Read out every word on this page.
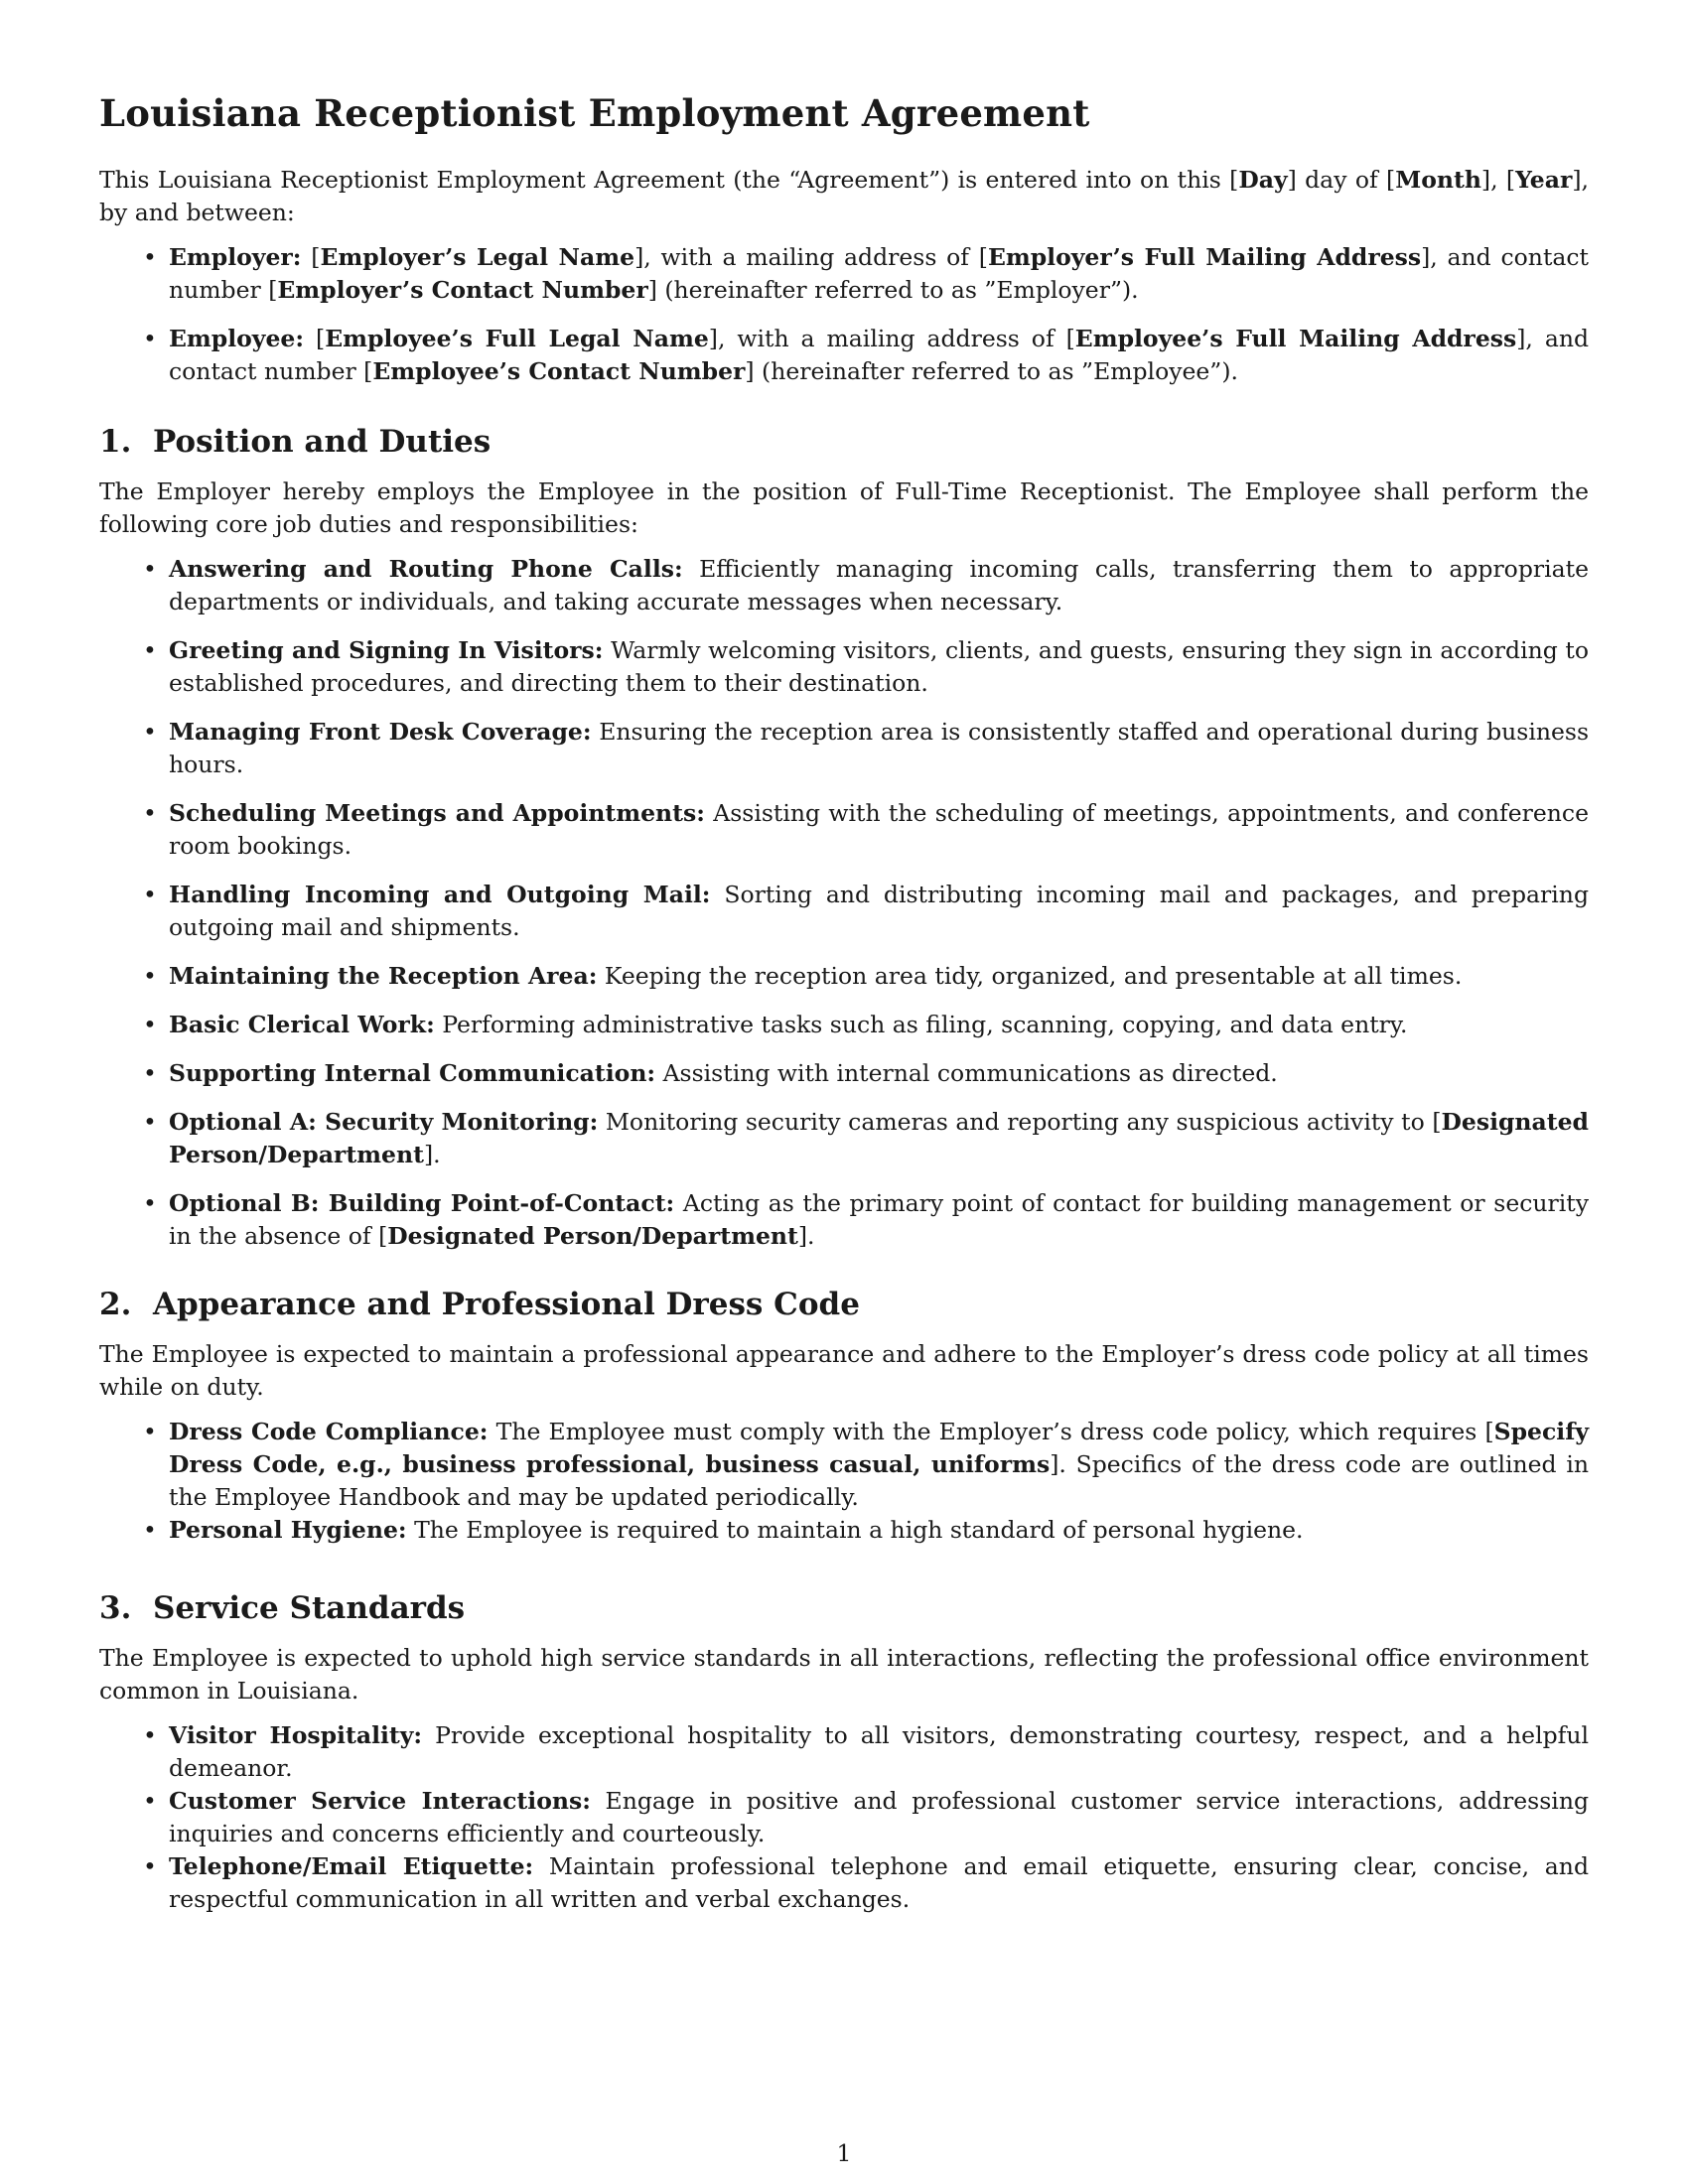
Louisiana Receptionist Employment Agreement

This Louisiana Receptionist Employment Agreement (the “Agreement”) is entered into on this [Day] day of [Month], [Year], by and between:

• Employer: [Employer’s Legal Name], with a mailing address of [Employer’s Full Mailing Address], and contact number [Employer’s Contact Number] (hereinafter referred to as ”Employer”).
• Employee: [Employee’s Full Legal Name], with a mailing address of [Employee’s Full Mailing Address], and contact number [Employee’s Contact Number] (hereinafter referred to as ”Employee”).
1.  Position and Duties

The Employer hereby employs the Employee in the position of Full-Time Receptionist. The Employee shall perform the following core job duties and responsibilities:

• Answering and Routing Phone Calls: Efficiently managing incoming calls, transferring them to appropriate departments or individuals, and taking accurate messages when necessary.
• Greeting and Signing In Visitors: Warmly welcoming visitors, clients, and guests, ensuring they sign in according to established procedures, and directing them to their destination.
• Managing Front Desk Coverage: Ensuring the reception area is consistently staffed and operational during business hours.
• Scheduling Meetings and Appointments: Assisting with the scheduling of meetings, appointments, and conference room bookings.
• Handling Incoming and Outgoing Mail: Sorting and distributing incoming mail and packages, and preparing outgoing mail and shipments.
• Maintaining the Reception Area: Keeping the reception area tidy, organized, and presentable at all times.
• Basic Clerical Work: Performing administrative tasks such as filing, scanning, copying, and data entry.
• Supporting Internal Communication: Assisting with internal communications as directed.
• Optional A: Security Monitoring: Monitoring security cameras and reporting any suspicious activity to [Designated Person/Department].
• Optional B: Building Point-of-Contact: Acting as the primary point of contact for building management or security in the absence of [Designated Person/Department].
2.  Appearance and Professional Dress Code

The Employee is expected to maintain a professional appearance and adhere to the Employer’s dress code policy at all times while on duty.

• Dress Code Compliance: The Employee must comply with the Employer’s dress code policy, which requires [Specify Dress Code, e.g., business professional, business casual, uniforms]. Specifics of the dress code are outlined in the Employee Handbook and may be updated periodically.
• Personal Hygiene: The Employee is required to maintain a high standard of personal hygiene.
3.  Service Standards

The Employee is expected to uphold high service standards in all interactions, reflecting the professional office environment common in Louisiana.

• Visitor Hospitality: Provide exceptional hospitality to all visitors, demonstrating courtesy, respect, and a helpful demeanor.
• Customer Service Interactions: Engage in positive and professional customer service interactions, addressing inquiries and concerns efficiently and courteously.
• Telephone/Email Etiquette: Maintain professional telephone and email etiquette, ensuring clear, concise, and respectful communication in all written and verbal exchanges.
1
